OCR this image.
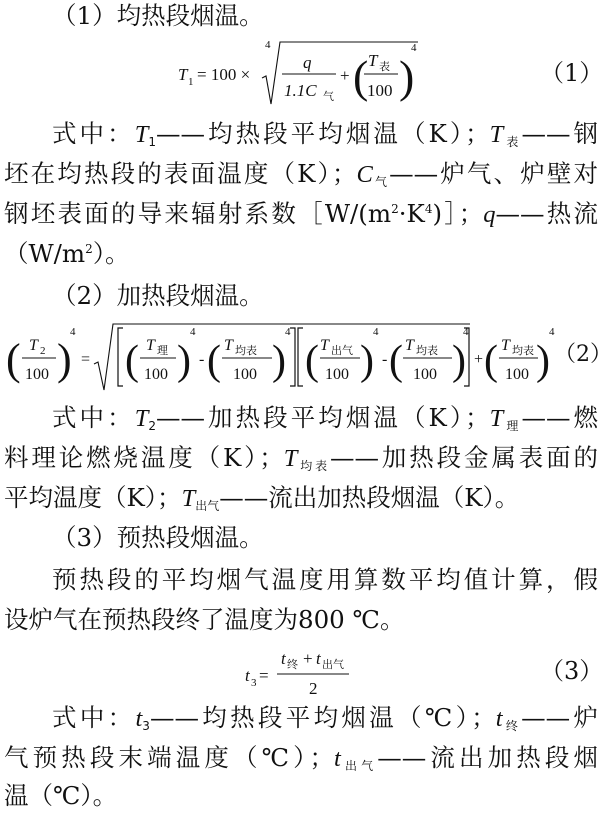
（1）均热段烟温。

T 1 = 100 ×
4
q
1.1C 气
+ ( T 表
100 )
4
（1）

式中：$T_1——$均热段平均烟温（K）；$T_表——$钢

坯在均热段的表面温度（K）；$C_气——$炉气、炉壁对

钢坯表面的导来辐射系数$[W/(m^2\cdot K^4)]$；q——热流

$(W/m^2)$。

（2）加热段烟温。

( T 2
100 )
4
= ( T 理
100 )
4
- ( T 均表
100 )
4
( T 出气
100 )
4
- ( T 均表
100 )
4
+ ( T 均表
100 )
4
（2）

式中：$T_2——$加热段平均烟温（K）；$T_理——$燃

料理论燃烧温度（K）；$T_{均表}——$加热段金属表面的

平均温度（K）；$T_{出气}——$流出加热段烟温（K）。

（3）预热段烟温。

预热段的平均烟气温度用算数平均值计算，假

设炉气在预热段终了温度为800 ℃。

t 3 =
t 终 + t 出气
2
（3）

式中：$t_3——$均热段平均烟温（℃）；$t_终——$炉

气预热段末端温度（℃）；$t_{出气}——$流出加热段烟

温（℃）。
